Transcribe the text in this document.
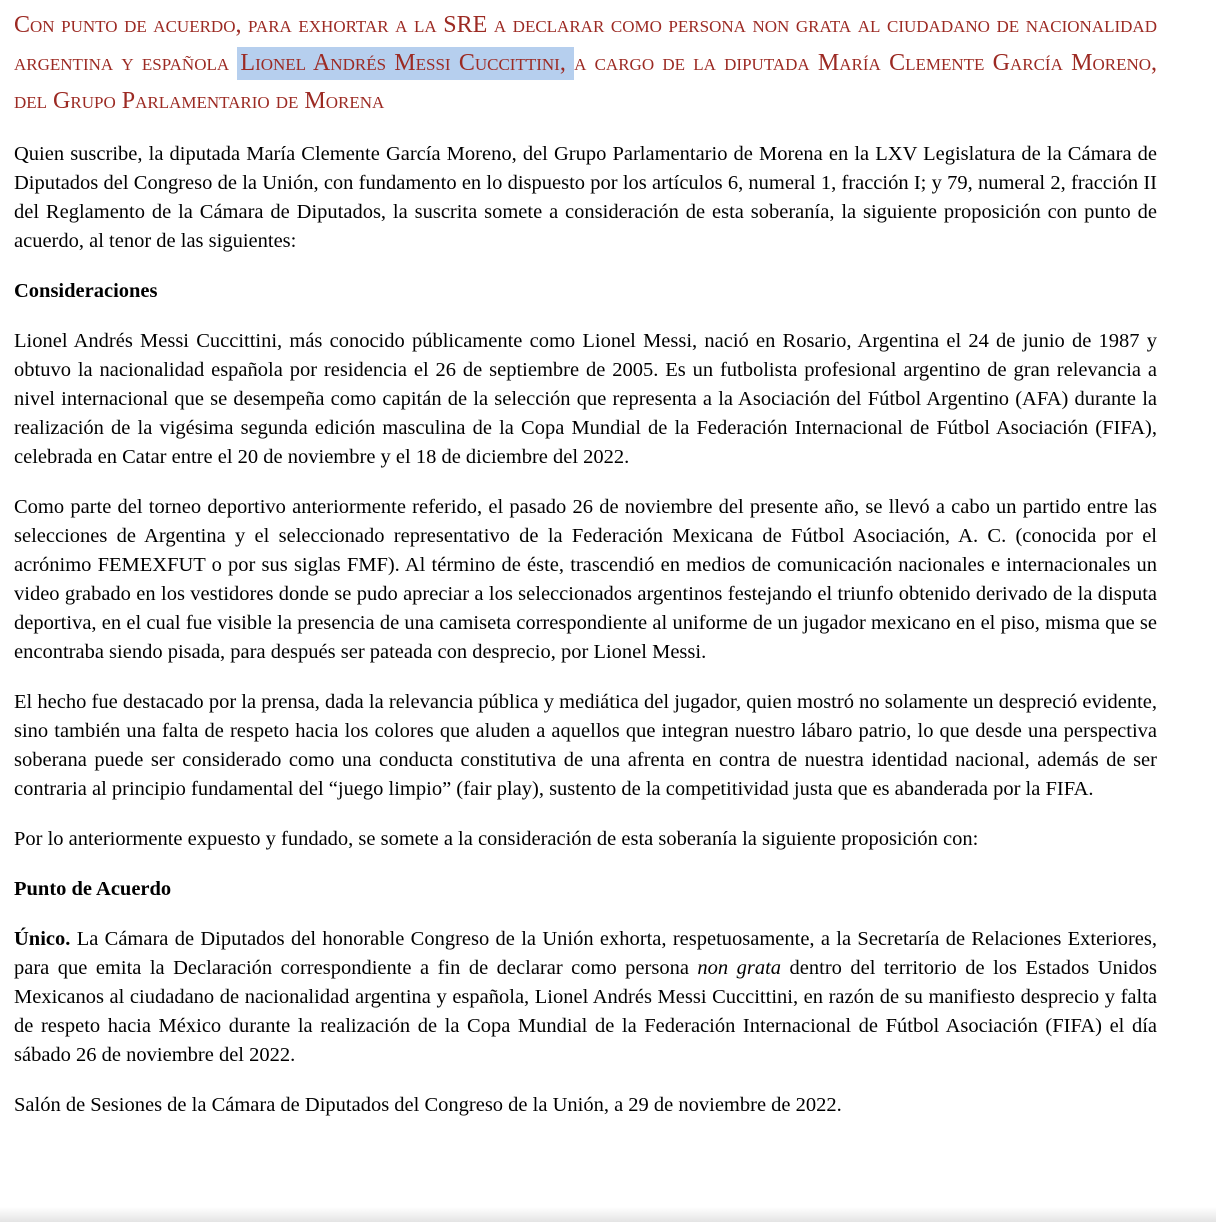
Con punto de acuerdo, para exhortar a la SRE a declarar como persona non grata al ciudadano de nacionalidad argentina y española Lionel Andrés Messi Cuccittini, a cargo de la diputada María Clemente García Moreno, del Grupo Parlamentario de Morena

Quien suscribe, la diputada María Clemente García Moreno, del Grupo Parlamentario de Morena en la LXV Legislatura de la Cámara de Diputados del Congreso de la Unión, con fundamento en lo dispuesto por los artículos 6, numeral 1, fracción I; y 79, numeral 2, fracción II del Reglamento de la Cámara de Diputados, la suscrita somete a consideración de esta soberanía, la siguiente proposición con punto de acuerdo, al tenor de las siguientes:

Consideraciones

Lionel Andrés Messi Cuccittini, más conocido públicamente como Lionel Messi, nació en Rosario, Argentina el 24 de junio de 1987 y obtuvo la nacionalidad española por residencia el 26 de septiembre de 2005. Es un futbolista profesional argentino de gran relevancia a nivel internacional que se desempeña como capitán de la selección que representa a la Asociación del Fútbol Argentino (AFA) durante la realización de la vigésima segunda edición masculina de la Copa Mundial de la Federación Internacional de Fútbol Asociación (FIFA), celebrada en Catar entre el 20 de noviembre y el 18 de diciembre del 2022.

Como parte del torneo deportivo anteriormente referido, el pasado 26 de noviembre del presente año, se llevó a cabo un partido entre las selecciones de Argentina y el seleccionado representativo de la Federación Mexicana de Fútbol Asociación, A. C. (conocida por el acrónimo FEMEXFUT o por sus siglas FMF). Al término de éste, trascendió en medios de comunicación nacionales e internacionales un video grabado en los vestidores donde se pudo apreciar a los seleccionados argentinos festejando el triunfo obtenido derivado de la disputa deportiva, en el cual fue visible la presencia de una camiseta correspondiente al uniforme de un jugador mexicano en el piso, misma que se encontraba siendo pisada, para después ser pateada con desprecio, por Lionel Messi.

El hecho fue destacado por la prensa, dada la relevancia pública y mediática del jugador, quien mostró no solamente un despreció evidente, sino también una falta de respeto hacia los colores que aluden a aquellos que integran nuestro lábaro patrio, lo que desde una perspectiva soberana puede ser considerado como una conducta constitutiva de una afrenta en contra de nuestra identidad nacional, además de ser contraria al principio fundamental del “juego limpio” (fair play), sustento de la competitividad justa que es abanderada por la FIFA.

Por lo anteriormente expuesto y fundado, se somete a la consideración de esta soberanía la siguiente proposición con:

Punto de Acuerdo

Único. La Cámara de Diputados del honorable Congreso de la Unión exhorta, respetuosamente, a la Secretaría de Relaciones Exteriores, para que emita la Declaración correspondiente a fin de declarar como persona non grata dentro del territorio de los Estados Unidos Mexicanos al ciudadano de nacionalidad argentina y española, Lionel Andrés Messi Cuccittini, en razón de su manifiesto desprecio y falta de respeto hacia México durante la realización de la Copa Mundial de la Federación Internacional de Fútbol Asociación (FIFA) el día sábado 26 de noviembre del 2022.

Salón de Sesiones de la Cámara de Diputados del Congreso de la Unión, a 29 de noviembre de 2022.
